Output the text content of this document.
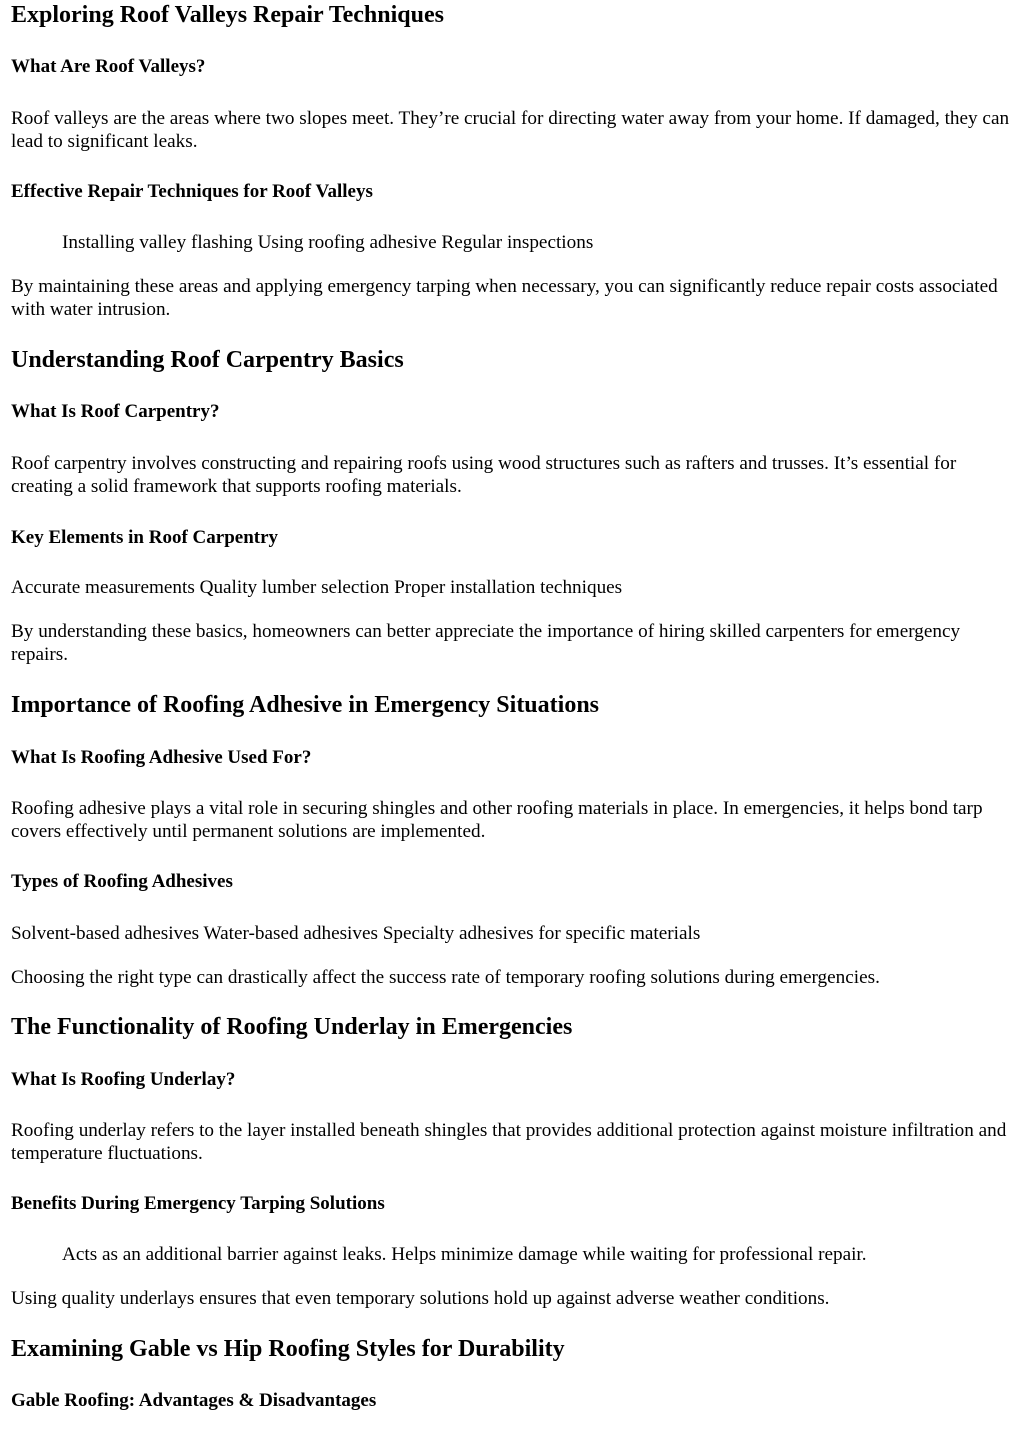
Exploring Roof Valleys Repair Techniques
What Are Roof Valleys?

Roof valleys are the areas where two slopes meet. They’re crucial for directing water away from your home. If damaged, they can lead to significant leaks.

Effective Repair Techniques for Roof Valleys

Installing valley flashing Using roofing adhesive Regular inspections

By maintaining these areas and applying emergency tarping when necessary, you can significantly reduce repair costs associated with water intrusion.

Understanding Roof Carpentry Basics
What Is Roof Carpentry?

Roof carpentry involves constructing and repairing roofs using wood structures such as rafters and trusses. It’s essential for creating a solid framework that supports roofing materials.

Key Elements in Roof Carpentry

Accurate measurements Quality lumber selection Proper installation techniques

By understanding these basics, homeowners can better appreciate the importance of hiring skilled carpenters for emergency repairs.

Importance of Roofing Adhesive in Emergency Situations
What Is Roofing Adhesive Used For?

Roofing adhesive plays a vital role in securing shingles and other roofing materials in place. In emergencies, it helps bond tarp covers effectively until permanent solutions are implemented.

Types of Roofing Adhesives

Solvent-based adhesives Water-based adhesives Specialty adhesives for specific materials

Choosing the right type can drastically affect the success rate of temporary roofing solutions during emergencies.

The Functionality of Roofing Underlay in Emergencies
What Is Roofing Underlay?

Roofing underlay refers to the layer installed beneath shingles that provides additional protection against moisture infiltration and temperature fluctuations.

Benefits During Emergency Tarping Solutions

Acts as an additional barrier against leaks. Helps minimize damage while waiting for professional repair.

Using quality underlays ensures that even temporary solutions hold up against adverse weather conditions.

Examining Gable vs Hip Roofing Styles for Durability
Gable Roofing: Advantages & Disadvantages
